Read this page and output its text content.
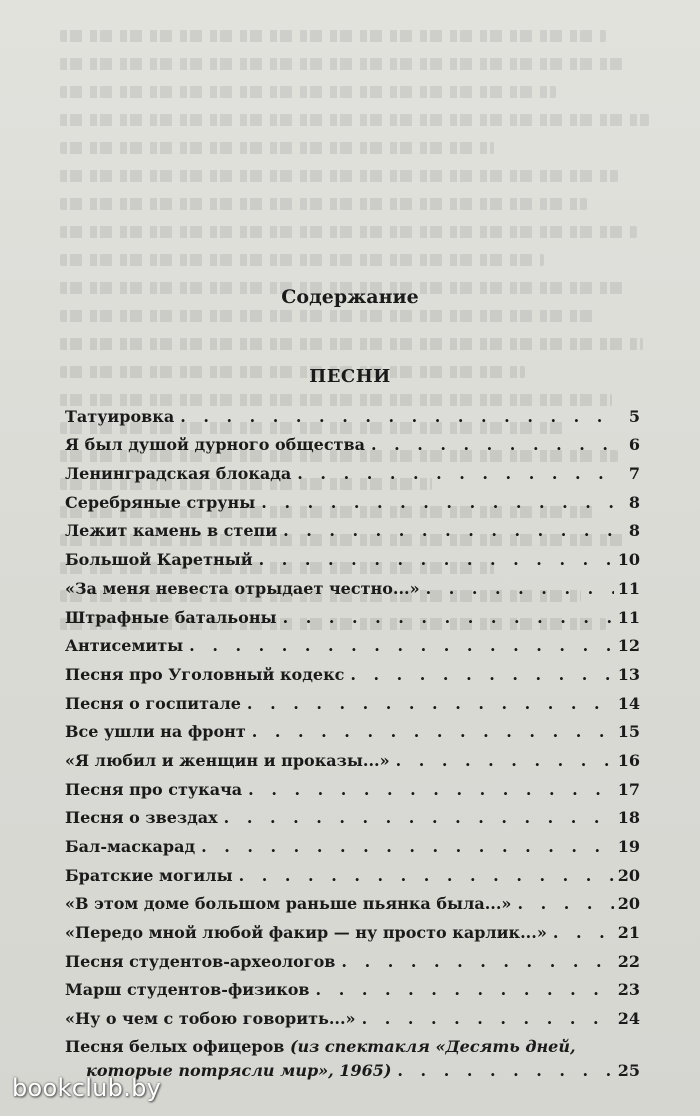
Содержание
ПЕСНИ
Татуировка . . .	5
Я был душой дурного общества . . .	6
Ленинградская блокада . . .	7
Серебряные струны . . .	8
Лежит камень в степи . . .	8
Большой Каретный . . .	10
«За меня невеста отрыдает честно...» . . .	11
Штрафные батальоны . . .	11
Антисемиты . . .	12
Песня про Уголовный кодекс . . .	13
Песня о госпитале . . .	14
Все ушли на фронт . . .	15
«Я любил и женщин и проказы...» . . .	16
Песня про стукача . . .	17
Песня о звездах . . .	18
Бал-маскарад . . .	19
Братские могилы . . .	20
«В этом доме большом раньше пьянка была...» . . .	20
«Передо мной любой факир — ну просто карлик...» . . .	21
Песня студентов-археологов . . .	22
Марш студентов-физиков . . .	23
«Ну о чем с тобою говорить...» . . .	24
Песня белых офицеров (из спектакля «Десять дней,
которые потрясли мир», 1965) . . .	25
bookclub.by
